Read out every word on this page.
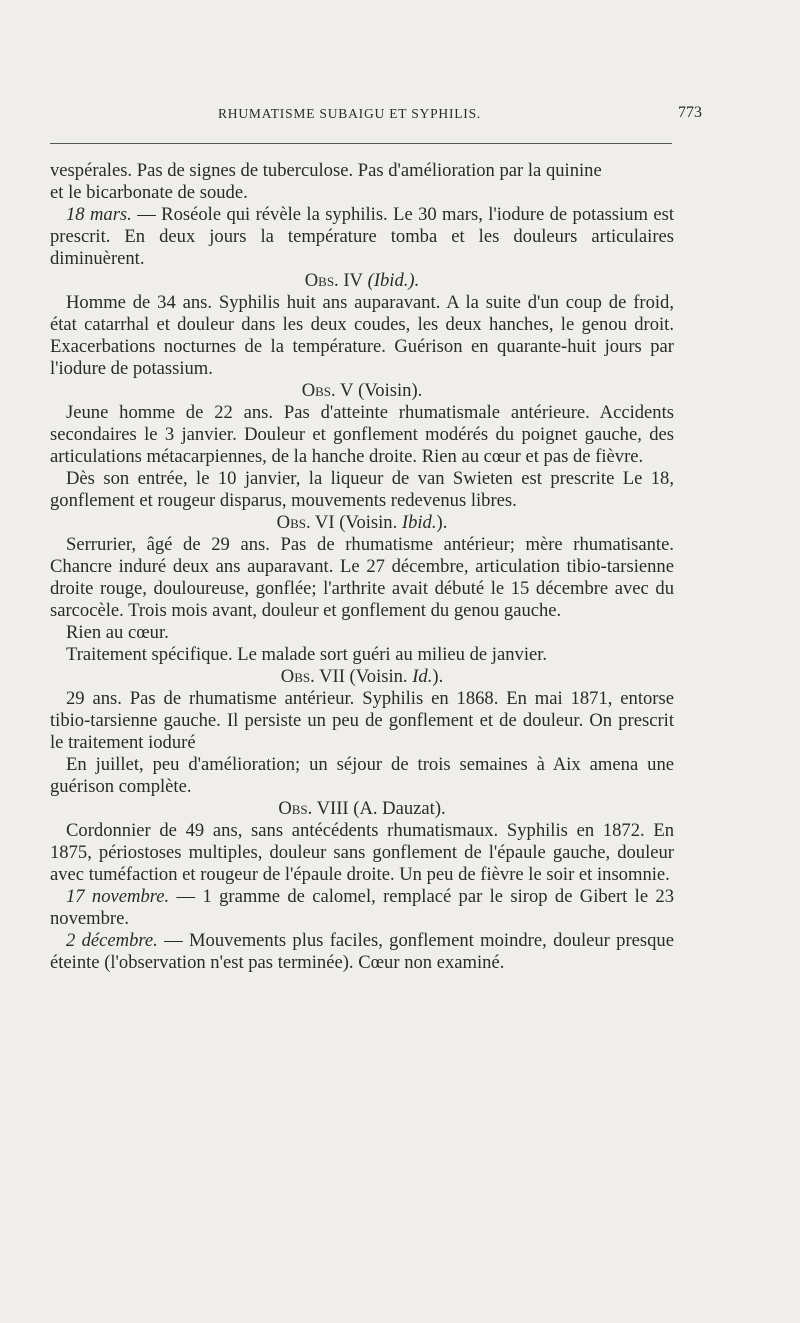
RHUMATISME SUBAIGU ET SYPHILIS.	773

vespérales. Pas de signes de tuberculose. Pas d'amélioration par la quinine
et le bicarbonate de soude.

18 mars. — Roséole qui révèle la syphilis. Le 30 mars, l'iodure de potassium est prescrit. En deux jours la température tomba et les douleurs articulaires diminuèrent.

Obs. IV (Ibid.).

Homme de 34 ans. Syphilis huit ans auparavant. A la suite d'un coup de froid, état catarrhal et douleur dans les deux coudes, les deux hanches, le genou droit. Exacerbations nocturnes de la température. Guérison en quarante-huit jours par l'iodure de potassium.

Obs. V (Voisin).

Jeune homme de 22 ans. Pas d'atteinte rhumatismale antérieure. Accidents secondaires le 3 janvier. Douleur et gonflement modérés du poignet gauche, des articulations métacarpiennes, de la hanche droite. Rien au cœur et pas de fièvre.

Dès son entrée, le 10 janvier, la liqueur de van Swieten est prescrite Le 18, gonflement et rougeur disparus, mouvements redevenus libres.

Obs. VI (Voisin. Ibid.).

Serrurier, âgé de 29 ans. Pas de rhumatisme antérieur; mère rhumatisante. Chancre induré deux ans auparavant. Le 27 décembre, articulation tibio-tarsienne droite rouge, douloureuse, gonflée; l'arthrite avait débuté le 15 décembre avec du sarcocèle. Trois mois avant, douleur et gonflement du genou gauche.

Rien au cœur.

Traitement spécifique. Le malade sort guéri au milieu de janvier.

Obs. VII (Voisin. Id.).

29 ans. Pas de rhumatisme antérieur. Syphilis en 1868. En mai 1871, entorse tibio-tarsienne gauche. Il persiste un peu de gonflement et de douleur. On prescrit le traitement ioduré

En juillet, peu d'amélioration; un séjour de trois semaines à Aix amena une guérison complète.

Obs. VIII (A. Dauzat).

Cordonnier de 49 ans, sans antécédents rhumatismaux. Syphilis en 1872. En 1875, périostoses multiples, douleur sans gonflement de l'épaule gauche, douleur avec tuméfaction et rougeur de l'épaule droite. Un peu de fièvre le soir et insomnie.

17 novembre. — 1 gramme de calomel, remplacé par le sirop de Gibert le 23 novembre.

2 décembre. — Mouvements plus faciles, gonflement moindre, douleur presque éteinte (l'observation n'est pas terminée). Cœur non examiné.
